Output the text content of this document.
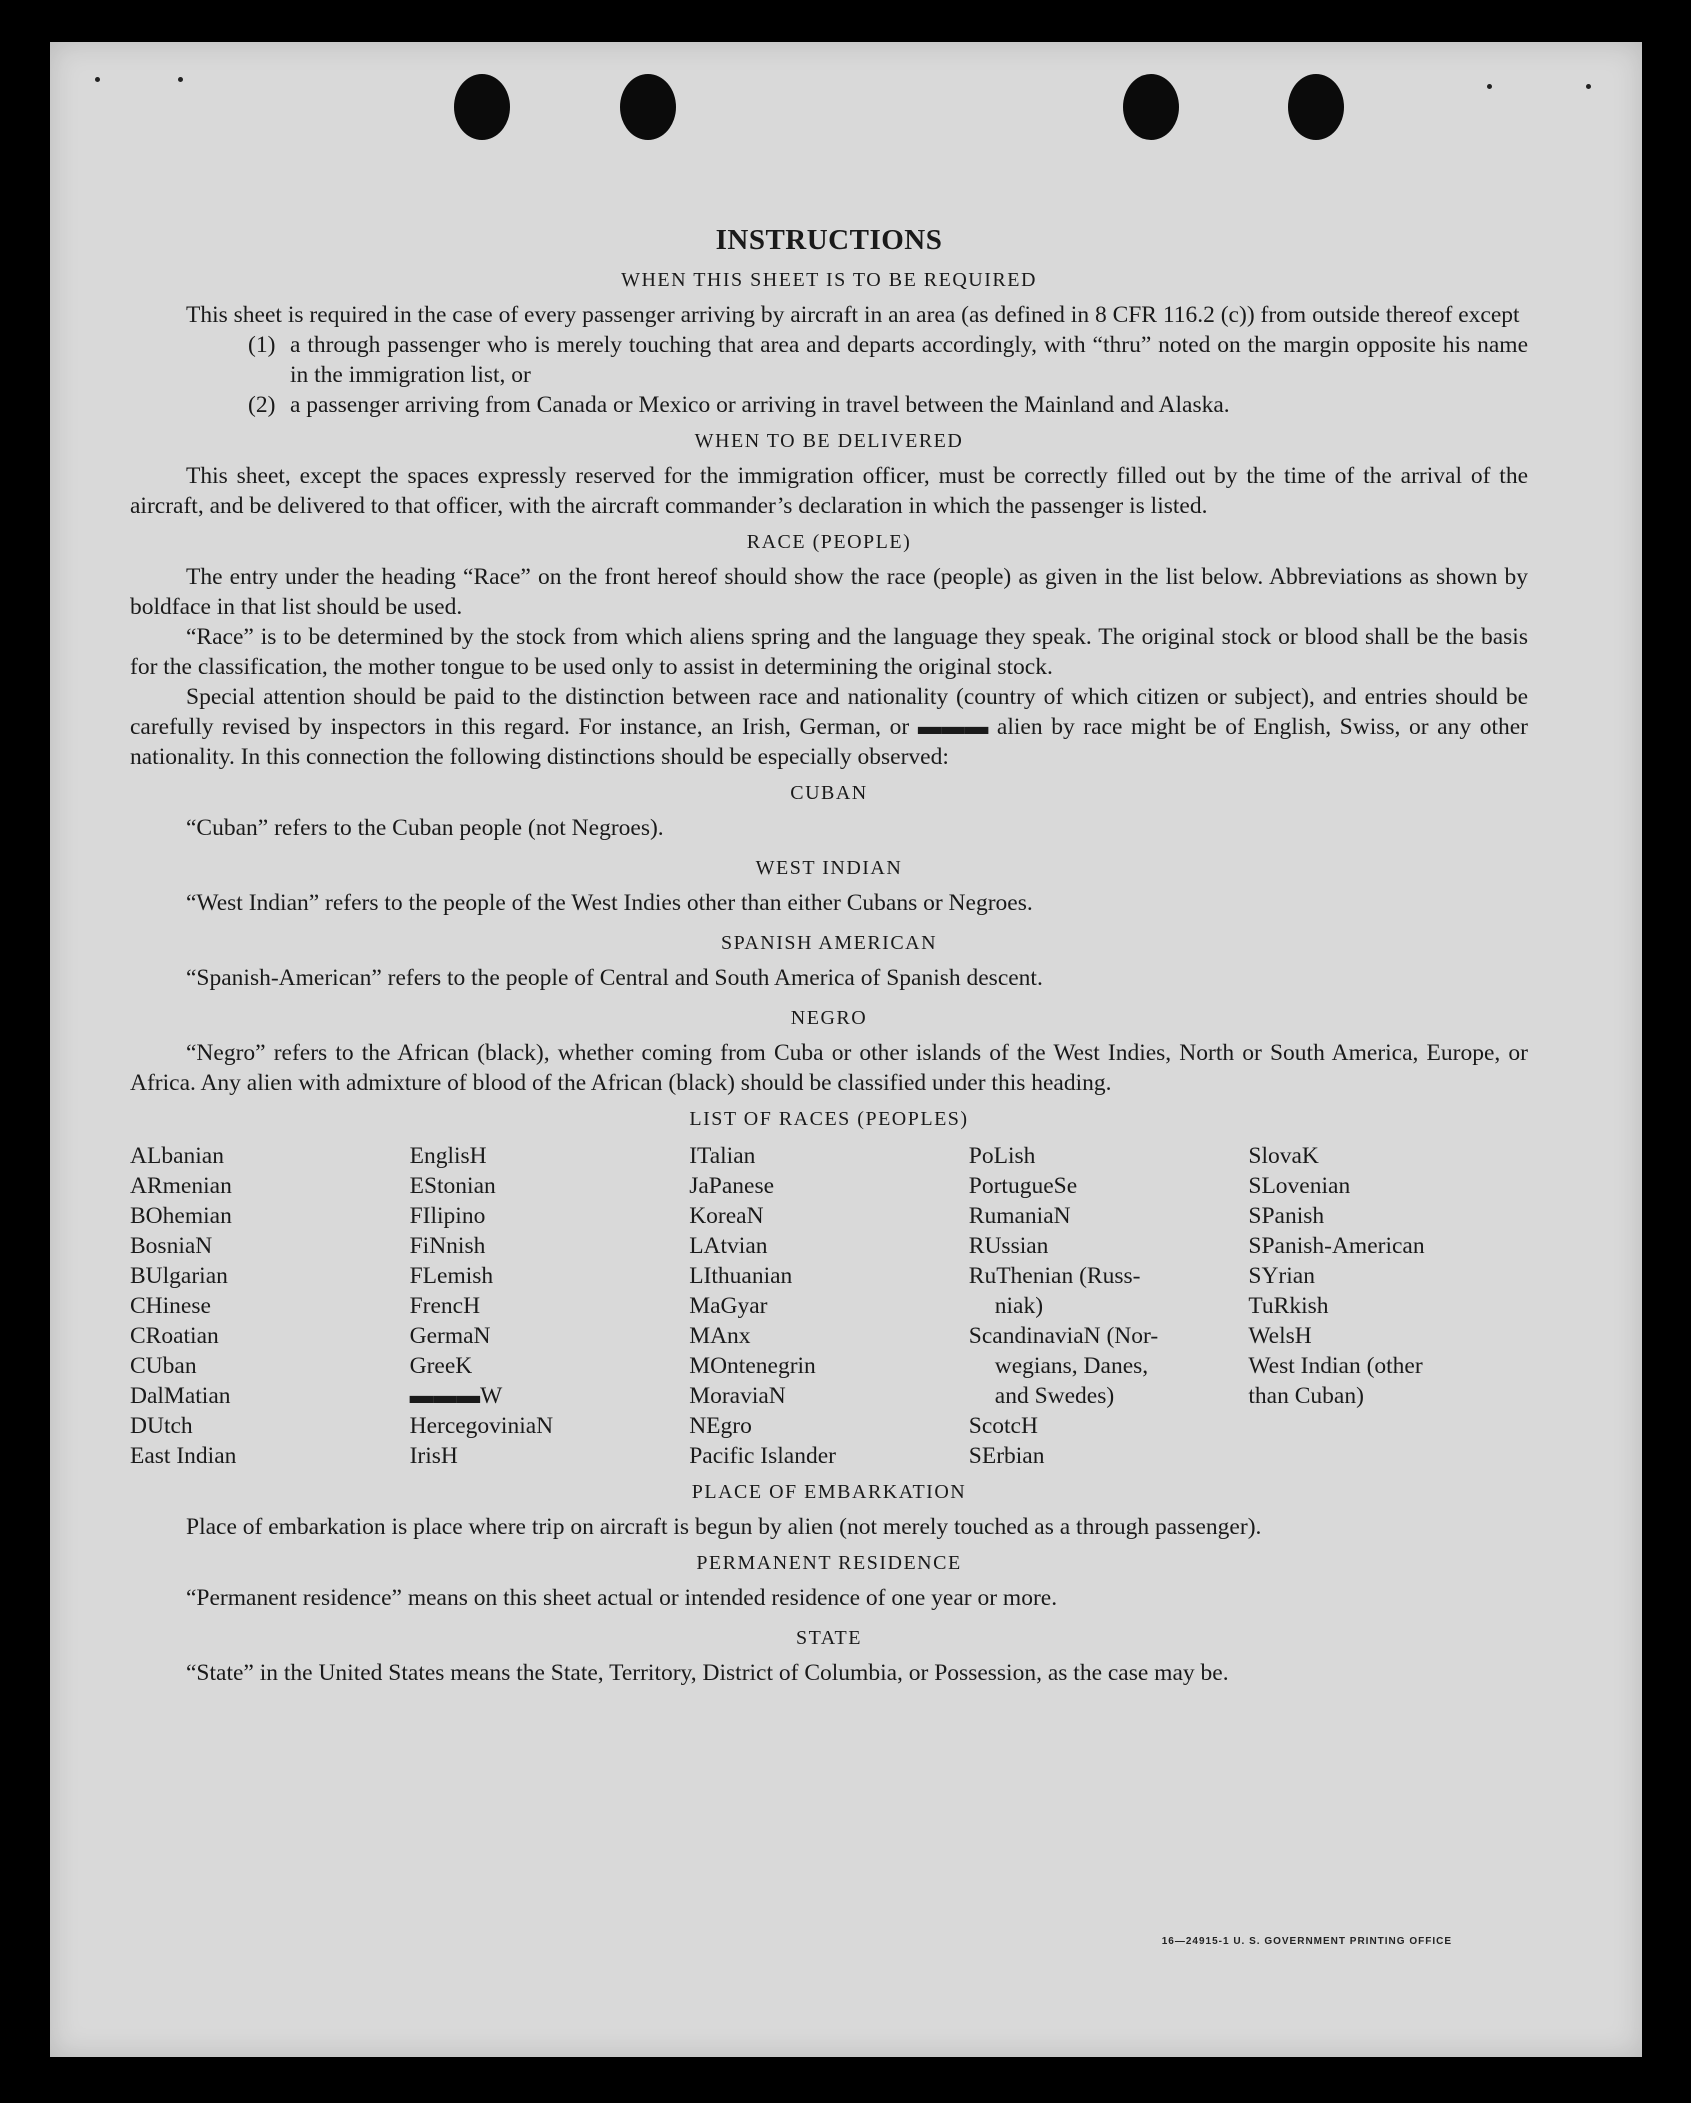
INSTRUCTIONS
WHEN THIS SHEET IS TO BE REQUIRED

This sheet is required in the case of every passenger arriving by aircraft in an area (as defined in 8 CFR 116.2 (c)) from outside thereof except

(1) a through passenger who is merely touching that area and departs accordingly, with “thru” noted on the margin opposite his name in the immigration list, or
(2) a passenger arriving from Canada or Mexico or arriving in travel between the Mainland and Alaska.
WHEN TO BE DELIVERED

This sheet, except the spaces expressly reserved for the immigration officer, must be correctly filled out by the time of the arrival of the aircraft, and be delivered to that officer, with the aircraft commander’s declaration in which the passenger is listed.

RACE (PEOPLE)

The entry under the heading “Race” on the front hereof should show the race (people) as given in the list below. Abbreviations as shown by boldface in that list should be used.

“Race” is to be determined by the stock from which aliens spring and the language they speak. The original stock or blood shall be the basis for the classification, the mother tongue to be used only to assist in determining the original stock.

Special attention should be paid to the distinction between race and nationality (country of which citizen or subject), and entries should be carefully revised by inspectors in this regard. For instance, an Irish, German, or ▬▬▬ alien by race might be of English, Swiss, or any other nationality. In this connection the following distinctions should be especially observed:

CUBAN

“Cuban” refers to the Cuban people (not Negroes).

WEST INDIAN

“West Indian” refers to the people of the West Indies other than either Cubans or Negroes.

SPANISH AMERICAN

“Spanish-American” refers to the people of Central and South America of Spanish descent.

NEGRO

“Negro” refers to the African (black), whether coming from Cuba or other islands of the West Indies, North or South America, Europe, or Africa. Any alien with admixture of blood of the African (black) should be classified under this heading.

LIST OF RACES (PEOPLES)
ALbanian
ARmenian
BOhemian
BosniaN
BUlgarian
CHinese
CRoatian
CUban
DalMatian
DUtch
East Indian
EnglisH
EStonian
FIlipino
FiNnish
FLemish
FrencH
GermaN
GreeK
▬▬▬W
HercegoviniaN
IrisH
ITalian
JaPanese
KoreaN
LAtvian
LIthuanian
MaGyar
MAnx
MOntenegrin
MoraviaN
NEgro
Pacific Islander
PoLish
PortugueSe
RumaniaN
RUssian
RuThenian (Russ-
niak)
ScandinaviaN (Nor-
wegians, Danes,
and Swedes)
ScotcH
SErbian
SlovaK
SLovenian
SPanish
SPanish-American
SYrian
TuRkish
WelsH
West Indian (other
than Cuban)
PLACE OF EMBARKATION

Place of embarkation is place where trip on aircraft is begun by alien (not merely touched as a through passenger).

PERMANENT RESIDENCE

“Permanent residence” means on this sheet actual or intended residence of one year or more.

STATE

“State” in the United States means the State, Territory, District of Columbia, or Possession, as the case may be.

16—24915-1 U. S. GOVERNMENT PRINTING OFFICE
